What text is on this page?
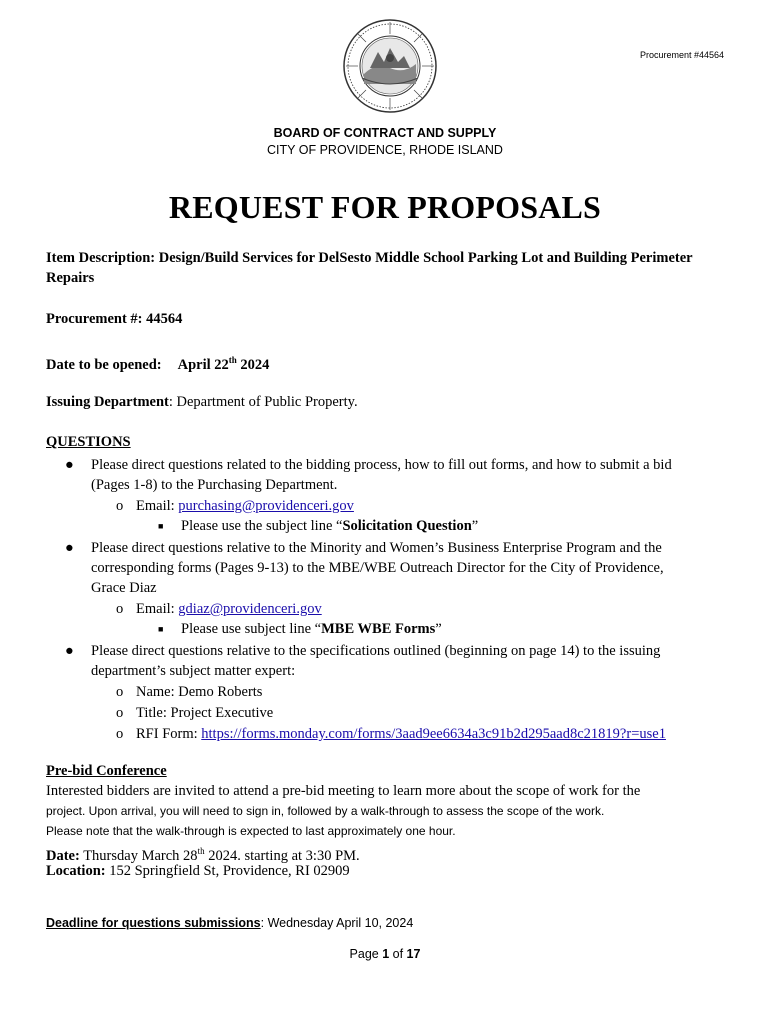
Procurement #44564
BOARD OF CONTRACT AND SUPPLY
CITY OF PROVIDENCE, RHODE ISLAND
REQUEST FOR PROPOSALS
Item Description: Design/Build Services for DelSesto Middle School Parking Lot and Building Perimeter
Repairs
Procurement #: 44564
Date to be opened: April 22th 2024
Issuing Department: Department of Public Property.
QUESTIONS
● Please direct questions related to the bidding process, how to fill out forms, and how to submit a bid
(Pages 1-8) to the Purchasing Department.
o Email: purchasing@providenceri.gov
■ Please use the subject line “Solicitation Question”
● Please direct questions relative to the Minority and Women’s Business Enterprise Program and the
corresponding forms (Pages 9-13) to the MBE/WBE Outreach Director for the City of Providence,
Grace Diaz
o Email: gdiaz@providenceri.gov
■ Please use subject line “MBE WBE Forms”
● Please direct questions relative to the specifications outlined (beginning on page 14) to the issuing
department’s subject matter expert:
o Name: Demo Roberts
o Title: Project Executive
o RFI Form: https://forms.monday.com/forms/3aad9ee6634a3c91b2d295aad8c21819?r=use1
Pre-bid Conference
Interested bidders are invited to attend a pre-bid meeting to learn more about the scope of work for the
project. Upon arrival, you will need to sign in, followed by a walk-through to assess the scope of the work.
Please note that the walk-through is expected to last approximately one hour.
Date: Thursday March 28th 2024. starting at 3:30 PM.
Location: 152 Springfield St, Providence, RI 02909
Deadline for questions submissions: Wednesday April 10, 2024
Page 1 of 17
